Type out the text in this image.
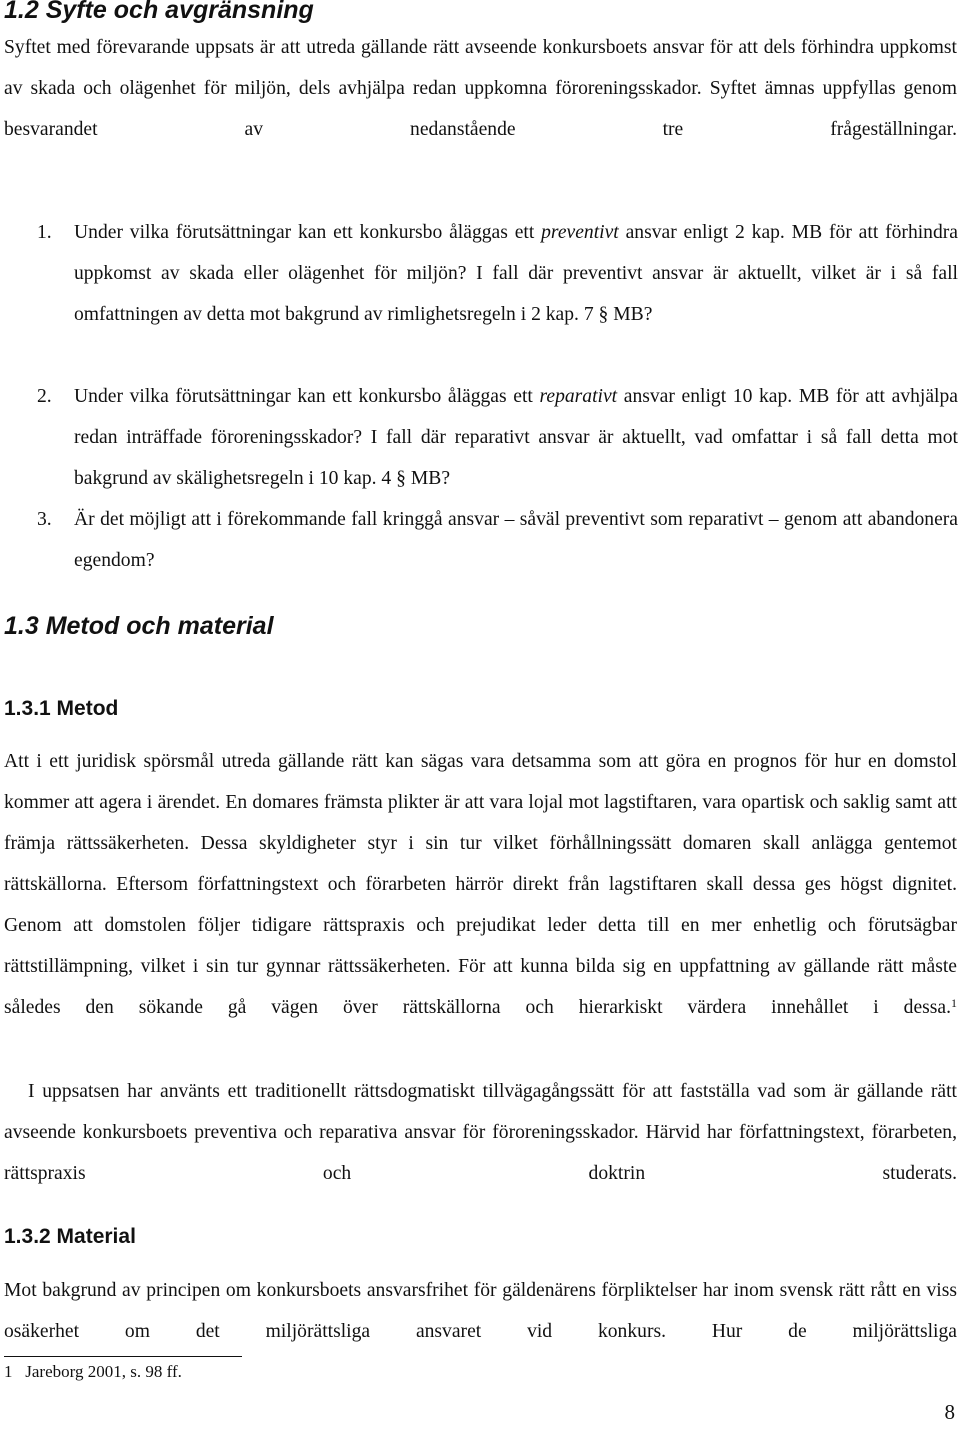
1.2 Syfte och avgränsning

Syftet med förevarande uppsats är att utreda gällande rätt avseende konkursboets ansvar för att dels förhindra uppkomst av skada och olägenhet för miljön, dels avhjälpa redan uppkomna föroreningsskador. Syftet ämnas uppfyllas genom besvarandet av nedanstående tre frågeställningar.

1. Under vilka förutsättningar kan ett konkursbo åläggas ett preventivt ansvar enligt 2 kap. MB för att förhindra uppkomst av skada eller olägenhet för miljön? I fall där preventivt ansvar är aktuellt, vilket är i så fall omfattningen av detta mot bakgrund av rimlighetsregeln i 2 kap. 7 § MB?

2. Under vilka förutsättningar kan ett konkursbo åläggas ett reparativt ansvar enligt 10 kap. MB för att avhjälpa redan inträffade föroreningsskador? I fall där reparativt ansvar är aktuellt, vad omfattar i så fall detta mot bakgrund av skälighetsregeln i 10 kap. 4 § MB?

3. Är det möjligt att i förekommande fall kringgå ansvar – såväl preventivt som reparativt – genom att abandonera egendom?

1.3 Metod och material
1.3.1 Metod

Att i ett juridisk spörsmål utreda gällande rätt kan sägas vara detsamma som att göra en prognos för hur en domstol kommer att agera i ärendet. En domares främsta plikter är att vara lojal mot lagstiftaren, vara opartisk och saklig samt att främja rättssäkerheten. Dessa skyldigheter styr i sin tur vilket förhållningssätt domaren skall anlägga gentemot rättskällorna. Eftersom författningstext och förarbeten härrör direkt från lagstiftaren skall dessa ges högst dignitet. Genom att domstolen följer tidigare rättspraxis och prejudikat leder detta till en mer enhetlig och förutsägbar rättstillämpning, vilket i sin tur gynnar rättssäkerheten. För att kunna bilda sig en uppfattning av gällande rätt måste således den sökande gå vägen över rättskällorna och hierarkiskt värdera innehållet i dessa.$^1$

I uppsatsen har använts ett traditionellt rättsdogmatiskt tillvägagångssätt för att fastställa vad som är gällande rätt avseende konkursboets preventiva och reparativa ansvar för föroreningsskador. Härvid har författningstext, förarbeten, rättspraxis och doktrin studerats.

1.3.2 Material

Mot bakgrund av principen om konkursboets ansvarsfrihet för gäldenärens förpliktelser har inom svensk rätt rått en viss osäkerhet om det miljörättsliga ansvaret vid konkurs. Hur de miljörättsliga

1 Jareborg 2001, s. 98 ff.

8
